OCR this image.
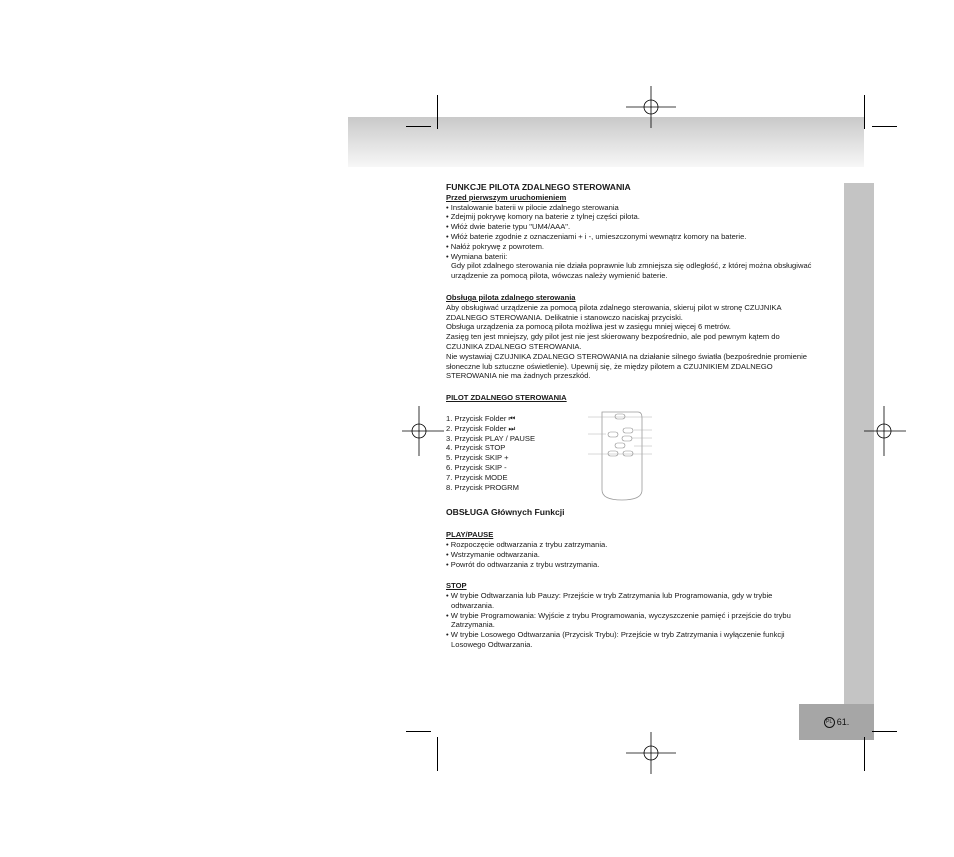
PL 61.

FUNKCJE PILOTA ZDALNEGO STEROWANIA

Przed pierwszym uruchomieniem

• Instalowanie baterii w pilocie zdalnego sterowania

• Zdejmij pokrywę komory na baterie z tylnej części pilota.

• Włóż dwie baterie typu "UM4/AAA".

• Włóż baterie zgodnie z oznaczeniami + i -, umieszczonymi wewnątrz komory na baterie.

• Nałóż pokrywę z powrotem.

• Wymiana baterii:

Gdy pilot zdalnego sterowania nie działa poprawnie lub zmniejsza się odległość, z której można obsługiwać

urządzenie za pomocą pilota, wówczas należy wymienić baterie.

Obsługa pilota zdalnego sterowania

Aby obsługiwać urządzenie za pomocą pilota zdalnego sterowania, skieruj pilot w stronę CZUJNIKA

ZDALNEGO STEROWANIA. Delikatnie i stanowczo naciskaj przyciski.

Obsługa urządzenia za pomocą pilota możliwa jest w zasięgu mniej więcej 6 metrów.

Zasięg ten jest mniejszy, gdy pilot jest nie jest skierowany bezpośrednio, ale pod pewnym kątem do

CZUJNIKA ZDALNEGO STEROWANIA.

Nie wystawiaj CZUJNIKA ZDALNEGO STEROWANIA na działanie silnego światła (bezpośrednie promienie

słoneczne lub sztuczne oświetlenie). Upewnij się, że między pilotem a CZUJNIKIEM ZDALNEGO

STEROWANIA nie ma żadnych przeszkód.

PILOT ZDALNEGO STEROWANIA

1. Przycisk Folder ⏮

2. Przycisk Folder ⏭

3. Przycisk PLAY / PAUSE

4. Przycisk STOP

5. Przycisk SKIP +

6. Przycisk SKIP -

7. Przycisk MODE

8. Przycisk PROGRM

OBSŁUGA Głównych Funkcji

PLAY/PAUSE

• Rozpoczęcie odtwarzania z trybu zatrzymania.

• Wstrzymanie odtwarzania.

• Powrót do odtwarzania z trybu wstrzymania.

STOP

• W trybie Odtwarzania lub Pauzy: Przejście w tryb Zatrzymania lub Programowania, gdy w trybie

odtwarzania.

• W trybie Programowania: Wyjście z trybu Programowania, wyczyszczenie pamięć i przejście do trybu

Zatrzymania.

• W trybie Losowego Odtwarzania (Przycisk Trybu): Przejście w tryb Zatrzymania i wyłączenie funkcji

Losowego Odtwarzania.
